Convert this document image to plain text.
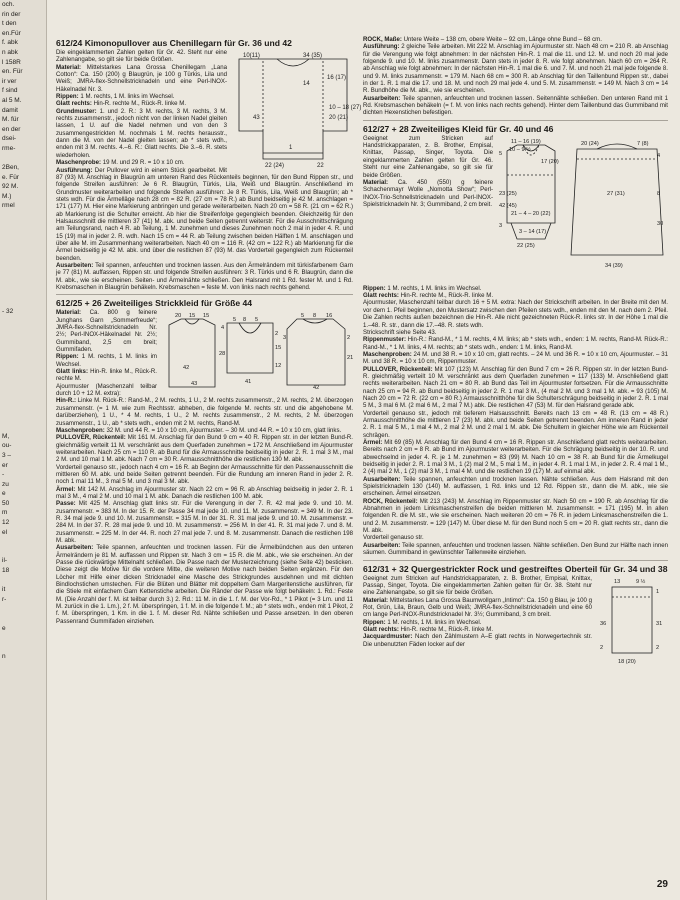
och.
rin der
t den
en.Für
f. abk
n abk
l 158R
en. Für
ir ver
f sind
al 5 M.
damit
M. für
en der
dsei-
rme-

2Ben,
e. Für
92 M.
M.)
rmel

- 32

M,
ou-
3 –
er
-
zu
e
50
m
12
el

il-
18

it
r-

e

n

612/24 Kimonopullover aus Chenillegarn für Gr. 36 und 42
10(11)	34 (35)
16 (17)
14
43
10 – 18 (27)
20 (21)
1
22 (24)	22

Die eingeklammerten Zahlen gelten für Gr. 42. Steht nur eine Zahlenangabe, so gilt sie für beide Größen.

Material: Mittelstarkes Lana Grossa Chenillegarn „Lana Cotton“: Ca. 150 (200) g Blaugrün, je 100 g Türkis, Lila und Weiß; JMRA-flex-Schnellstricknadeln und eine Perl-INOX-Häkelnadel Nr. 3.

Rippen: 1 M. rechts, 1 M. links im Wechsel.

Glatt rechts: Hin-R. rechte M., Rück-R. linke M.

Grundmuster: 1. und 2. R.: 3 M. rechts, 3 M. rechts, 3 M. rechts zusammenstr., jedoch nicht von der linken Nadel gleiten lassen, 1 U. auf die Nadel nehmen und von den 3 zusammengestrickten M. nochmals 1 M. rechts herausstr., dann die M. von der Nadel gleiten lassen; ab * stets wdh., enden mit 3 M. rechts. 4.–6. R.: Glatt rechts. Die 3.–6. R. stets wiederholen.

Maschenprobe: 19 M. und 29 R. = 10 x 10 cm.

Ausführung: Der Pullover wird in einem Stück gearbeitet. Mit 87 (93) M. Anschlag in Blaugrün am unteren Rand des Rückenteils beginnen, für den Bund Rippen str., und folgende Streifen ausführen: Je 6 R. Blaugrün, Türkis, Lila, Weiß und Blaugrün. Anschließend im Grundmuster weiterarbeiten und folgende Streifen ausführen: Je 8 R. Türkis, Lila, Weiß und Blaugrün; ab * stets wdh. Für die Ärmelläge nach 28 cm = 82 R. (27 cm = 78 R.) ab Bund beidseitig je 42 M. anschlagen = 171 (177) M. Hier eine Markierung anbringen und gerade weiterarbeiten. Nach 20 cm = 58 R. (21 cm = 62 R.) ab Markierung ist die Schulter erreicht. Ab hier die Streifenfolge gegengleich beenden. Gleichzeitig für den Halsausschnitt die mittleren 37 (41) M. abk. und beide Seiten getrennt weiterstr. Für die Ausschnittschrägung am Teilungsrand, nach 4 R. ab Teilung, 1 M. zunehmen und dieses Zunehmen noch 2 mal in jeder 4. R. und 15 (19) mal in jeder 2. R. wdh. Nach 15 cm = 44 R. ab Teilung zwischen beiden Hälften 1 M. anschlagen und über alle M. im Zusammenhang weiterarbeiten. Nach 40 cm = 116 R. (42 cm = 122 R.) ab Markierung für die Ärmel beidseitig je 42 M. abk. und über die restlichen 87 (93) M. das Vorderteil gegengleich zum Rückenteil beenden.

Ausarbeiten: Teil spannen, anfeuchten und trocknen lassen. Aus den Ärmelrändern mit türkisfarbenem Garn je 77 (81) M. auffassen, Rippen str. und folgende Streifen ausführen: 3 R. Türkis und 6 R. Blaugrün, dann die M. abk., wie sie erscheinen. Seiten- und Ärmelnähte schließen. Den Halsrand mit 1 Rd. fester M. und 1 Rd. Krebsmaschen in Blaugrün behäkeln. Krebsmaschen = feste M. von links nach rechts gehend.

612/25 + 26 Zweiteiliges Strickkleid für Größe 44
20 15 15
5 8 5
5 8 16
42
28
15
2
12
41
4
42
2
21
43
3

Material: Ca. 800 g feinere Junghans Garn „Sommerfreude“; JMRA-flex-Schnellstricknadeln Nr. 2½; Perl-INOX-Häkelnadel Nr. 2½; Gummiband, 2,5 cm breit; Gummifaden.

Rippen: 1 M. rechts, 1 M. links im Wechsel.

Glatt links: Hin-R. linke M., Rück-R. rechte M.

Ajourmuster (Maschenzahl teilbar durch 10 + 12 M. extra):

Hin-R.: Linke M. Rück-R.: Rand-M., 2 M. rechts, 1 U., 2 M. rechts zusammenstr., 2 M. rechts, 2 M. überzogen zusammenstr. (= 1 M. wie zum Rechtsstr. abheben, die folgende M. rechts str. und die abgehobene M. darüberziehen), 1 U., * 4 M. rechts, 1 U., 2 M. rechts zusammenstr., 2 M. rechts, 2 M. überzogen zusammenstr., 1 U., ab * stets wdh., enden mit 2 M. rechts, Rand-M.

Maschenproben: 32 M. und 44 R. = 10 x 10 cm, Ajourmuster. – 30 M. und 44 R. = 10 x 10 cm, glatt links.

PULLOVER, Rückenteil: Mit 161 M. Anschlag für den Bund 9 cm = 40 R. Rippen str. in der letzten Bund-R. gleichmäßig verteilt 11 M. verschränkt aus dem Querfaden zunehmen = 172 M. Anschließend im Ajourmuster weiterarbeiten. Nach 25 cm = 110 R. ab Bund für die Armausschnitte beidseitig in jeder 2. R. 1 mal 3 M., mal 2 M. und 10 mal 1 M. abk. Nach 7 cm = 30 R. Armausschnitthöhe die restlichen 130 M. abk.

Vorderteil genauso str., jedoch nach 4 cm = 16 R. ab Beginn der Armausschnitte für den Passenausschnitt die mittleren 60 M. abk. und beide Seiten getrennt beenden. Für die Rundung am inneren Rand in jeder 2. R. noch 1 mal 11 M., 3 mal 5 M. und 3 mal 3 M. abk.

Ärmel: Mit 142 M. Anschlag im Ajourmuster str. Nach 22 cm = 96 R. ab Anschlag beidseitig in jeder 2. R. 1 mal 3 M., 4 mal 2 M. und 10 mal 1 M. abk. Danach die restlichen 100 M. abk.

Passe: Mit 425 M. Anschlag glatt links str. Für die Verengung in der 7. R. 42 mal jede 9. und 10. M. zusammenstr. = 383 M. In der 15. R. der Passe 34 mal jede 10. und 11. M. zusammenstr. = 349 M. In der 23. R. 34 mal jede 9. und 10. M. zusammenstr. = 315 M. In der 31. R. 31 mal jede 9. und 10. M. zusammenstr. = 284 M. In der 37. R. 28 mal jede 9. und 10. M. zusammenstr. = 256 M. In der 41. R. 31 mal jede 7. und 8. M. zusammenstr. = 225 M. In der 44. R. noch 27 mal jede 7. und 8. M. zusammenstr. Danach die restlichen 198 M. abk.

Ausarbeiten: Teile spannen, anfeuchten und trocknen lassen. Für die Ärmelbündchen aus den unteren Ärmelrändern je 81 M. auffassen und Rippen str. Nach 3 cm = 15 R. die M. abk., wie sie erscheinen. An der Passe die rückwärtige Mittelnaht schließen. Die Passe nach der Musterzeichnung (siehe Seite 42) besticken. Diese zeigt die Motive für die vordere Mitte, die weiteren Motive nach beiden Seiten ergänzen. Für den Löcher mit Hilfe einer dicken Stricknadel eine Masche des Strickgrundes ausdehnen und mit dichten Bindlochstichen umstechen. Für die Blüten und Blätter mit doppeltem Garn Margeritenstiche ausführen, für die Stiele mit einfachem Garn Kettenstiche arbeiten. Die Ränder der Passe wie folgt behäkeln: 1. Rd.: Feste M. (Die Anzahl der f. M. ist teilbar durch 3.) 2. Rd.: 11 M. in die 1. f. M. der Vor-Rd., * 1 Pikot (= 3 Lm. und 11 M. zurück in die 1. Lm.), 2 f. M. überspringen, 1 f. M. in die folgende f. M.; ab * stets wdh., enden mit 1 Pikot, 2 f. M. überspringen, 1 Km. in die 1. f. M. dieser Rd. Nähte schließen und Passe ansetzen. In den oberen Passenrand Gummifaden einziehen.

ROCK, Maße: Untere Weite – 138 cm, obere Weite – 92 cm, Länge ohne Bund – 68 cm.

Ausführung: 2 gleiche Teile arbeiten. Mit 222 M. Anschlag im Ajourmuster str. Nach 48 cm = 210 R. ab Anschlag für die Verengung wie folgt abnehmen: In der nächsten Hin-R. 1 mal die 11. und 12. M. und noch 20 mal jede folgende 9. und 10. M. links zusammenstr. Dann stets in jeder 8. R. wie folgt abnehmen. Nach 60 cm = 264 R. ab Anschlag wie folgt abnehmen: In der nächsten Hin-R. 1 mal die 6. und 7. M. und noch 21 mal jede folgende 8. und 9. M. links zusammenstr. = 179 M. Nach 68 cm = 300 R. ab Anschlag für den Taillenbund Rippen str., dabei in der 1. R. 1 mal die 17. und 18. M. und noch 29 mal jede 4. und 5. M. zusammenstr. = 149 M. Nach 3 cm = 14 R. Bundhöhe die M. abk., wie sie erscheinen.

Ausarbeiten: Teile spannen, anfeuchten und trocknen lassen. Seitennähte schließen. Den unteren Rand mit 1 Rd. Krebsmaschen behäkeln (= f. M. von links nach rechts gehend). Hinter dem Taillenbund das Gummiband mit dichten Hexenstichen befestigen.

612/27 + 28 Zweiteiliges Kleid für Gr. 40 und 46

Geeignet zum Stricken auf Handstrickapparaten, z. B. Brother, Empisal, Knittax, Passap, Singer, Toyota. Die eingeklammerten Zahlen gelten für Gr. 46. Steht nur eine Zahlenangabe, so gilt sie für beide Größen.

Material: Ca. 450 (550) g feinere Schachenmayr Wolle „Nomotta Show“; Perl-INOX-Trio-Schnellstricknadeln und Perl-INOX-Spielstricknadeln Nr. 3; Gummiband, 2 cm breit.

11 – 16 (19)
10 – 9 ½
17 (20)
23 (25)
42 (45)
21 – 4 – 20 (22)
3 – 14 (17)
22 (25)
20 (24)	7 (8)
27 (31)
4
8
30
34 (39)
5
3

Rippen: 1 M. rechts, 1 M. links im Wechsel.

Glatt rechts: Hin-R. rechte M., Rück-R. linke M.

Ajourmuster, Maschenzahl teilbar durch 16 + 5 M. extra: Nach der Strickschrift arbeiten. In der Breite mit den M. vor dem 1. Pfeil beginnen, den Mustersatz zwischen den Pfeilen stets wdh., enden mit den M. nach dem 2. Pfeil. Die Zahlen rechts außen bezeichnen die Hin-R. Alle nicht gezeichneten Rück-R. links str. In der Höhe 1 mal die 1.–48. R. str., dann die 17.–48. R. stets wdh.

Strickschrift siehe Seite 43.

Rippenmuster: Hin-R.: Rand-M., * 1 M. rechts, 4 M. links; ab * stets wdh., enden: 1 M. rechts, Rand-M. Rück-R.: Rand-M., * 1 M. links, 4 M. rechts; ab * stets wdh., enden: 1 M. links, Rand-M.

Maschenproben: 24 M. und 38 R. = 10 x 10 cm, glatt rechts. – 24 M. und 36 R. = 10 x 10 cm, Ajourmuster. – 31 M. und 38 R. = 10 x 10 cm, Rippenmuster.

PULLOVER, Rückenteil: Mit 107 (123) M. Anschlag für den Bund 7 cm = 26 R. Rippen str. In der letzten Bund-R. gleichmäßig verteilt 10 M. verschränkt aus dem Querfaden zunehmen = 117 (133) M. Anschließend glatt rechts weiterarbeiten. Nach 21 cm = 80 R. ab Bund das Teil im Ajourmuster fortsetzen. Für die Armausschnitte nach 25 cm = 94 R. ab Bund beidseitig in jeder 2. R. 1 mal 3 M., (4 mal 2 M. und 3 mal 1 M. abk. = 93 (105) M. Nach 20 cm = 72 R. (22 cm = 80 R.) Armausschnitthöhe für die Schulterschrägung beidseitig in jeder 2. R. 1 mal 5 M., 3 mal 6 M. (2 mal 6 M., 2 mal 7 M.) abk. Die restlichen 47 (53) M. für den Halsrand gerade abk.

Vorderteil genauso str., jedoch mit tieferem Halsausschnitt. Bereits nach 13 cm = 48 R. (13 cm = 48 R.) Armausschnitthöhe die mittleren 17 (23) M. abk. und beide Seiten getrennt beenden. Am inneren Rand in jeder 2. R. 1 mal 5 M., 1 mal 4 M., 2 mal 2 M. und 2 mal 1 M. abk. Die Schultern in gleicher Höhe wie am Rückenteil schrägen.

Ärmel: Mit 69 (85) M. Anschlag für den Bund 4 cm = 16 R. Rippen str. Anschließend glatt rechts weiterarbeiten. Bereits nach 2 cm = 8 R. ab Bund im Ajourmuster weiterarbeiten. Für die Schrägung beidseitig in der 10. R. und abwechselnd in jeder 4. R. je 1 M. zunehmen = 83 (99) M. Nach 10 cm = 38 R. ab Bund für die Ärmelkugel beidseitig in jeder 2. R. 1 mal 3 M., 1 (2) mal 2 M., 5 mal 1 M., in jeder 4. R. 1 mal 1 M., in jeder 2. R. 4 mal 1 M., 2 (4) mal 2 M., 1 (2) mal 3 M., 1 mal 4 M. und die restlichen 19 (17) M. auf einmal abk.

Ausarbeiten: Teile spannen, anfeuchten und trocknen lassen. Nähte schließen. Aus dem Halsrand mit den Spielstricknadeln 130 (140) M. auffassen, 1 Rd. links und 12 Rd. Rippen str., dann die M. abk., wie sie erscheinen. Ärmel einsetzen.

ROCK, Rückenteil: Mit 213 (243) M. Anschlag im Rippenmuster str. Nach 50 cm = 190 R. ab Anschlag für die Abnahmen in jedem Linksmaschenstreifen die beiden mittleren M. zusammenstr. = 171 (195) M. In allen folgenden R. die M. str., wie sie erscheinen. Nach weiteren 20 cm = 76 R. in jedem Linksmaschenstreifen die 1. und 2. M. zusammenstr. = 129 (147) M. Über diese M. für den Bund noch 5 cm = 20 R. glatt rechts str., dann die M. abk.

Vorderteil genauso str.

Ausarbeiten: Teile spannen, anfeuchten und trocknen lassen. Nähte schließen. Den Bund zur Hälfte nach innen säumen. Gummiband in gewünschter Taillenweite einziehen.

612/31 + 32 Quergestrickter Rock und gestreiftes Oberteil für Gr. 34 und 38
13	9 ½
1
36	31
2
18 (20)
2

Geeignet zum Stricken auf Handstrickapparaten, z. B. Brother, Empisal, Knittax, Passap, Singer, Toyota. Die eingeklammerten Zahlen gelten für Gr. 38. Steht nur eine Zahlenangabe, so gilt sie für beide Größen.

Material: Mittelstarkes Lana Grossa Baumwollgarn „Intimo“: Ca. 150 g Blau, je 100 g Rot, Grün, Lila, Braun, Gelb und Weiß; JMRA-flex-Schnellstricknadeln und eine 60 cm lange Perl-INOX-Rundstricknadel Nr. 3½; Gummiband, 3 cm breit.

Rippen: 1 M. rechts, 1 M. links im Wechsel.

Glatt rechts: Hin-R. rechte M., Rück-R. linke M.

Jacquardmuster: Nach den Zählmustern A–E glatt rechts in Norwegertechnik str. Die unbenutzten Fäden locker auf der

29
